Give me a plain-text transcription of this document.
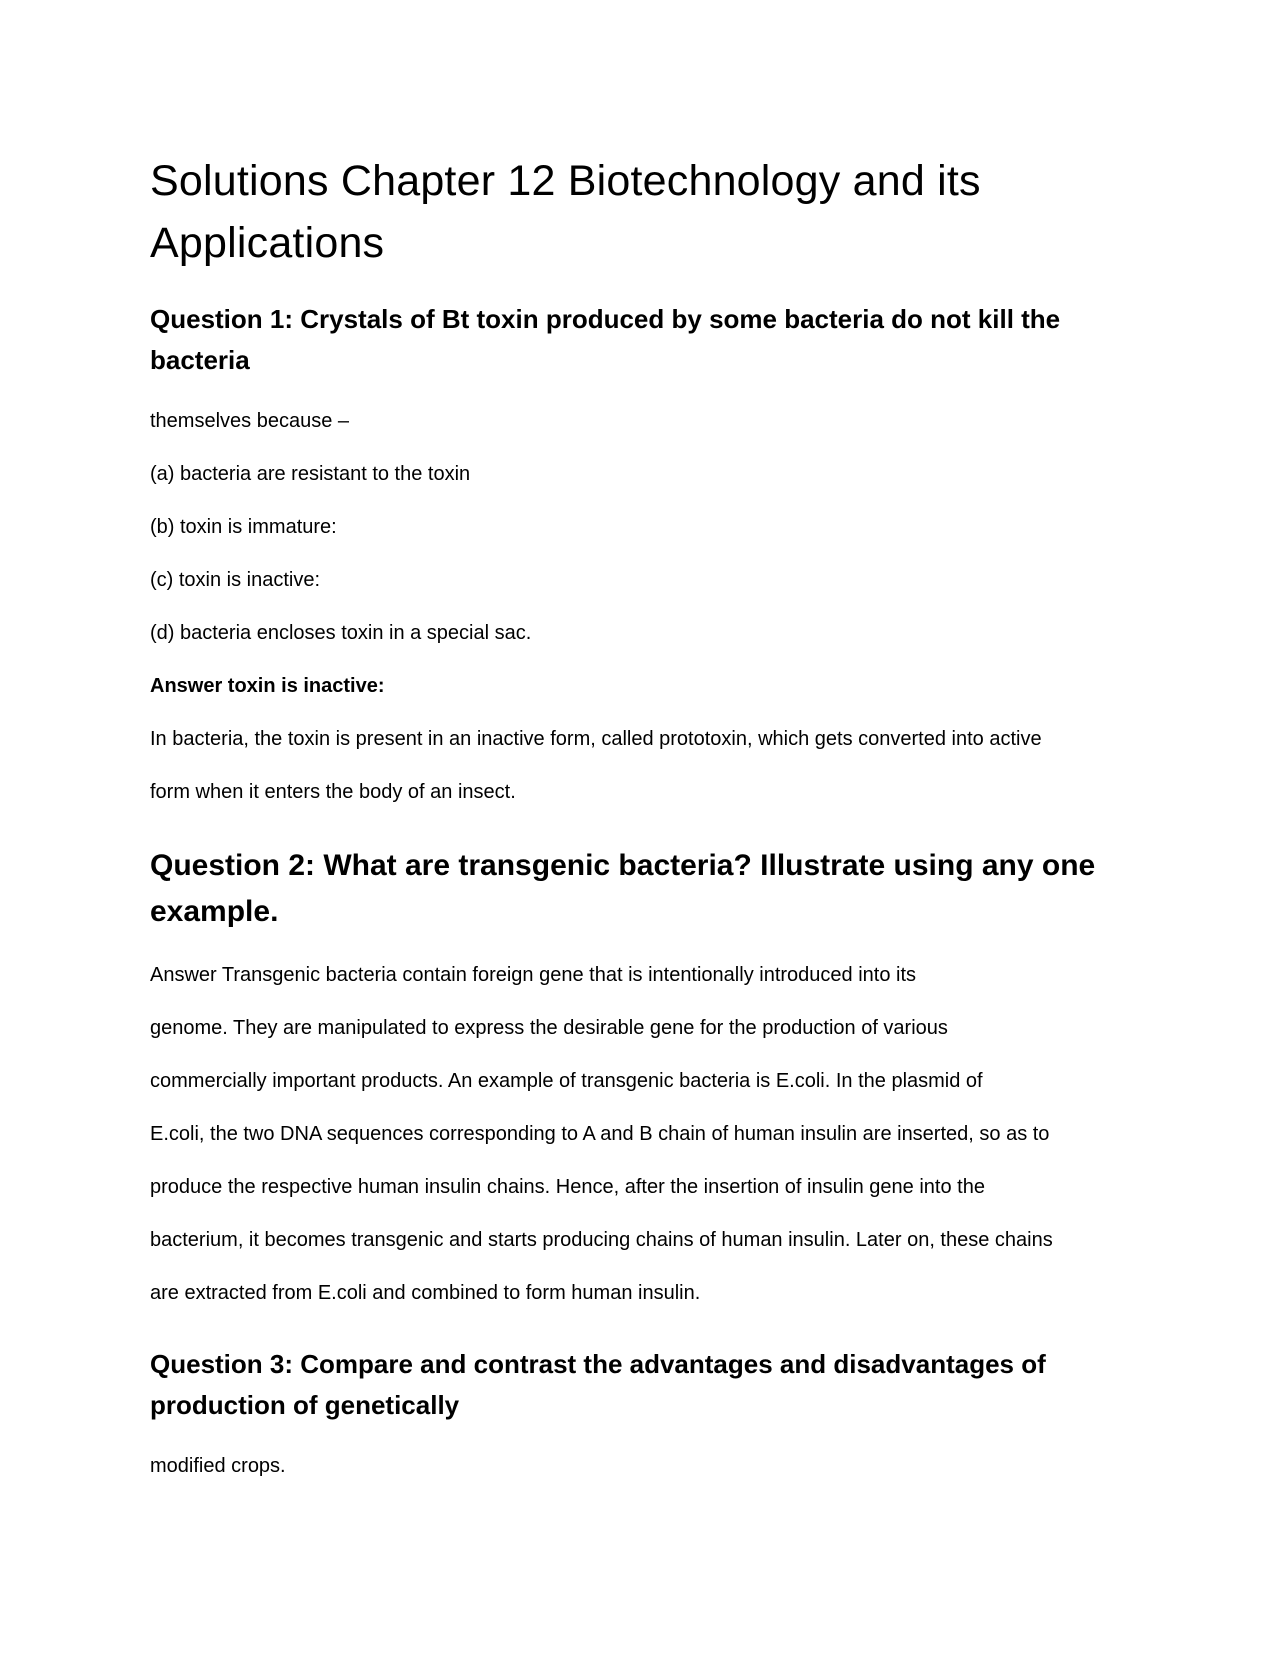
Solutions Chapter 12 Biotechnology and its Applications
Question 1: Crystals of Bt toxin produced by some bacteria do not kill the bacteria

themselves because –

(a) bacteria are resistant to the toxin

(b) toxin is immature:

(c) toxin is inactive:

(d) bacteria encloses toxin in a special sac.

Answer toxin is inactive:

In bacteria, the toxin is present in an inactive form, called prototoxin, which gets converted into active

form when it enters the body of an insect.

Question 2: What are transgenic bacteria? Illustrate using any one example.

Answer Transgenic bacteria contain foreign gene that is intentionally introduced into its

genome. They are manipulated to express the desirable gene for the production of various

commercially important products. An example of transgenic bacteria is E.coli. In the plasmid of

E.coli, the two DNA sequences corresponding to A and B chain of human insulin are inserted, so as to

produce the respective human insulin chains. Hence, after the insertion of insulin gene into the

bacterium, it becomes transgenic and starts producing chains of human insulin. Later on, these chains

are extracted from E.coli and combined to form human insulin.

Question 3: Compare and contrast the advantages and disadvantages of production of genetically

modified crops.
